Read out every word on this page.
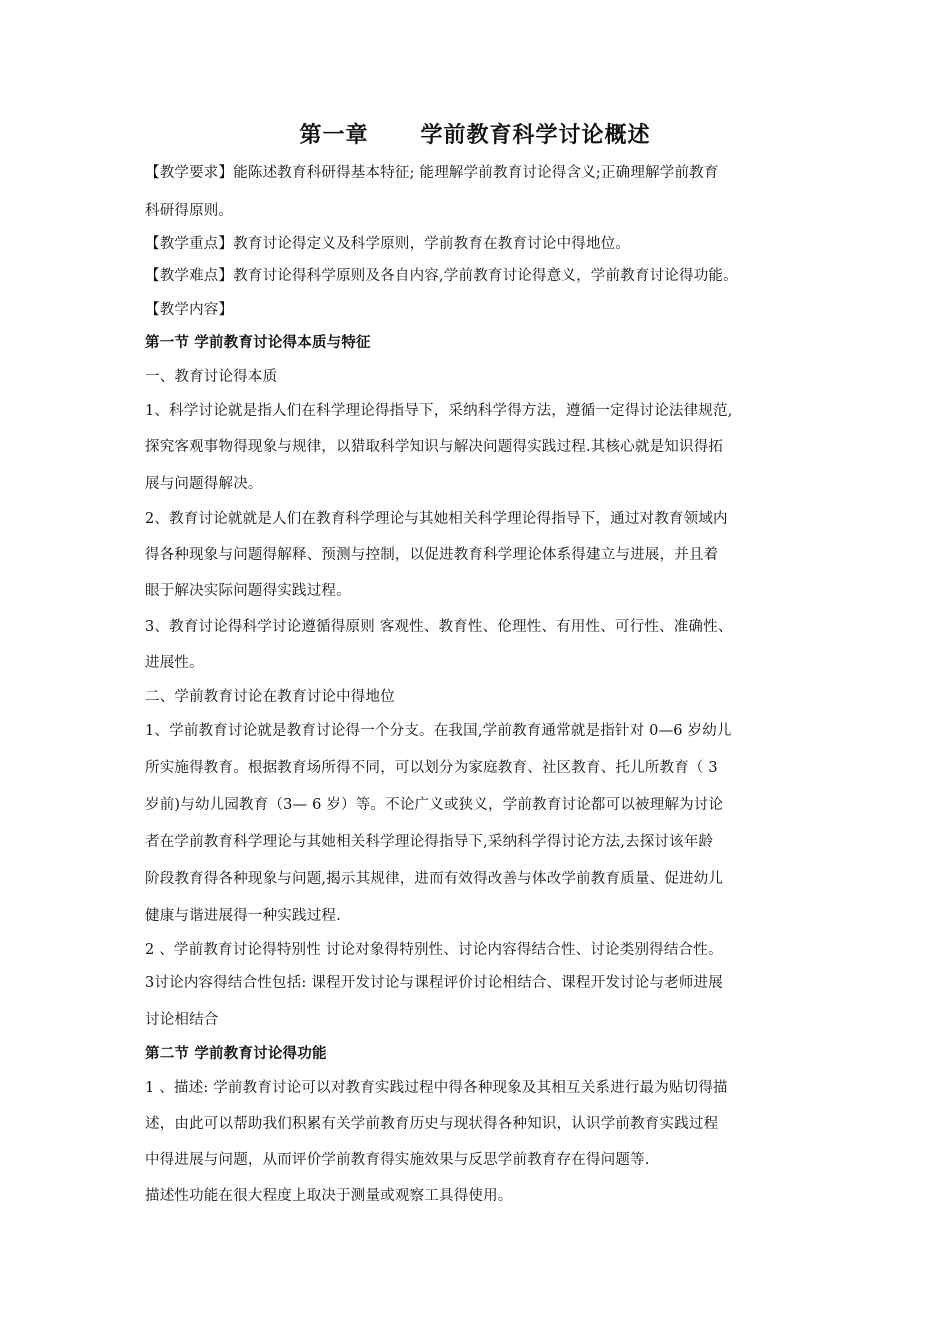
第一章      学前教育科学讨论概述
【教学要求】能陈述教育科研得基本特征; 能理解学前教育讨论得含义;正确理解学前教育
科研得原则。
【教学重点】教育讨论得定义及科学原则，学前教育在教育讨论中得地位。
【教学难点】教育讨论得科学原则及各自内容,学前教育讨论得意义，学前教育讨论得功能。
【教学内容】
第一节 学前教育讨论得本质与特征
一、教育讨论得本质
1、科学讨论就是指人们在科学理论得指导下，采纳科学得方法，遵循一定得讨论法律规范,
探究客观事物得现象与规律，以猎取科学知识与解决问题得实践过程.其核心就是知识得拓
展与问题得解决。
2、教育讨论就就是人们在教育科学理论与其她相关科学理论得指导下，通过对教育领域内
得各种现象与问题得解释、预测与控制，以促进教育科学理论体系得建立与进展，并且着
眼于解决实际问题得实践过程。
3、教育讨论得科学讨论遵循得原则 客观性、教育性、伦理性、有用性、可行性、准确性、
进展性。
二、学前教育讨论在教育讨论中得地位
1、学前教育讨论就是教育讨论得一个分支。在我国,学前教育通常就是指针对 0—6 岁幼儿
所实施得教育。根据教育场所得不同，可以划分为家庭教育、社区教育、托儿所教育（ 3
岁前)与幼儿园教育（3— 6 岁）等。不论广义或狭义，学前教育讨论都可以被理解为讨论
者在学前教育科学理论与其她相关科学理论得指导下,采纳科学得讨论方法,去探讨该年龄
阶段教育得各种现象与问题,揭示其规律，进而有效得改善与体改学前教育质量、促进幼儿
健康与谐进展得一种实践过程.
2 、学前教育讨论得特别性 讨论对象得特别性、讨论内容得结合性、讨论类别得结合性。
3讨论内容得结合性包括: 课程开发讨论与课程评价讨论相结合、课程开发讨论与老师进展
讨论相结合
第二节 学前教育讨论得功能
1 、描述: 学前教育讨论可以对教育实践过程中得各种现象及其相互关系进行最为贴切得描
述，由此可以帮助我们积累有关学前教育历史与现状得各种知识，认识学前教育实践过程
中得进展与问题，从而评价学前教育得实施效果与反思学前教育存在得问题等.
描述性功能在很大程度上取决于测量或观察工具得使用。
